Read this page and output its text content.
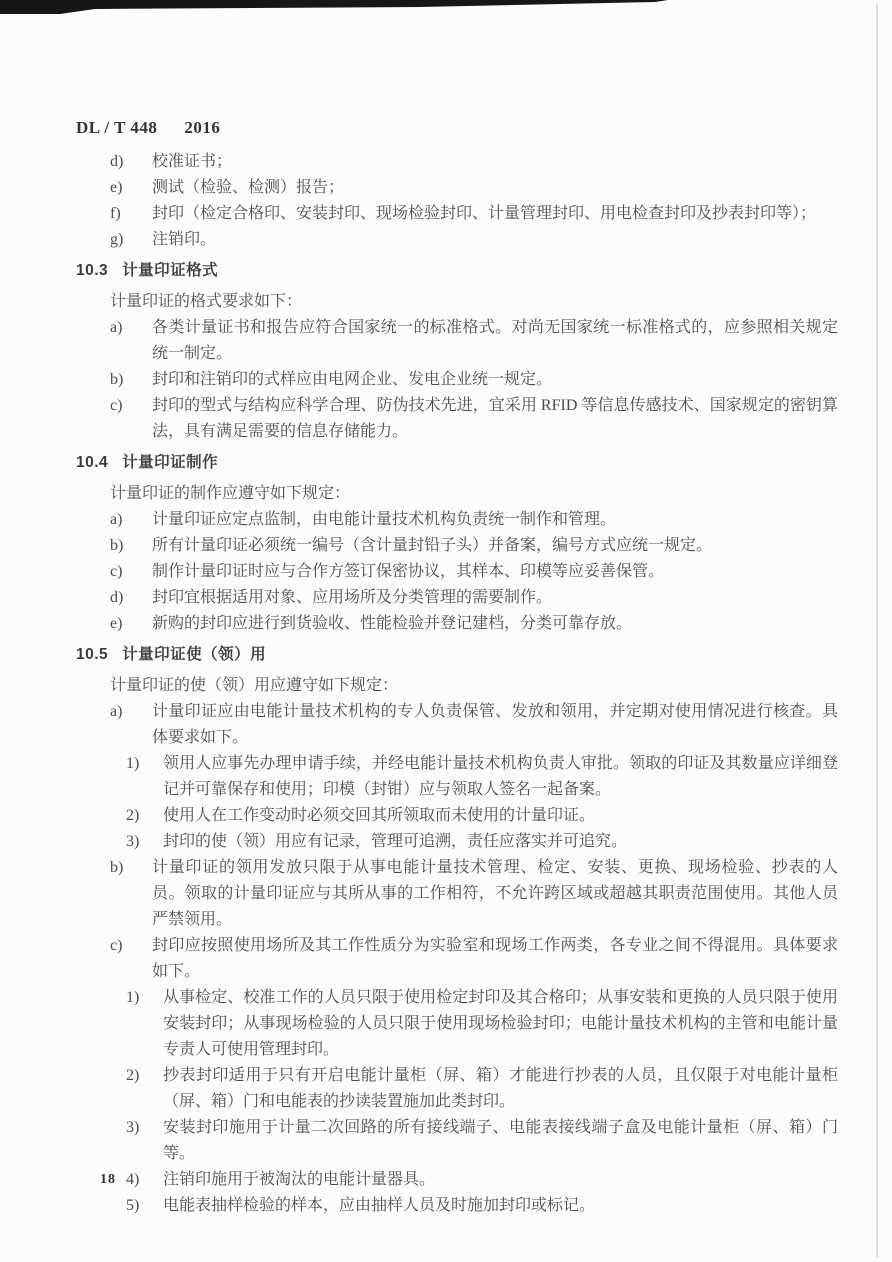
DL / T 448 2016
d)	校准证书；
e)	测试（检验、检测）报告；
f)	封印（检定合格印、安装封印、现场检验封印、计量管理封印、用电检查封印及抄表封印等）；
g)	注销印。
10.3 计量印证格式
计量印证的格式要求如下：
a)	各类计量证书和报告应符合国家统一的标准格式。对尚无国家统一标准格式的，应参照相关规定统一制定。
b)	封印和注销印的式样应由电网企业、发电企业统一规定。
c)	封印的型式与结构应科学合理、防伪技术先进，宜采用 RFID 等信息传感技术、国家规定的密钥算法，具有满足需要的信息存储能力。
10.4 计量印证制作
计量印证的制作应遵守如下规定：
a)	计量印证应定点监制，由电能计量技术机构负责统一制作和管理。
b)	所有计量印证必须统一编号（含计量封铅子头）并备案，编号方式应统一规定。
c)	制作计量印证时应与合作方签订保密协议，其样本、印模等应妥善保管。
d)	封印宜根据适用对象、应用场所及分类管理的需要制作。
e)	新购的封印应进行到货验收、性能检验并登记建档，分类可靠存放。
10.5 计量印证使（领）用
计量印证的使（领）用应遵守如下规定：
a)	计量印证应由电能计量技术机构的专人负责保管、发放和领用，并定期对使用情况进行核查。具体要求如下。
1)	领用人应事先办理申请手续，并经电能计量技术机构负责人审批。领取的印证及其数量应详细登记并可靠保存和使用；印模（封钳）应与领取人签名一起备案。
2)	使用人在工作变动时必须交回其所领取而未使用的计量印证。
3)	封印的使（领）用应有记录，管理可追溯，责任应落实并可追究。
b)	计量印证的领用发放只限于从事电能计量技术管理、检定、安装、更换、现场检验、抄表的人员。领取的计量印证应与其所从事的工作相符，不允许跨区域或超越其职责范围使用。其他人员严禁领用。
c)	封印应按照使用场所及其工作性质分为实验室和现场工作两类，各专业之间不得混用。具体要求如下。
1)	从事检定、校准工作的人员只限于使用检定封印及其合格印；从事安装和更换的人员只限于使用安装封印；从事现场检验的人员只限于使用现场检验封印；电能计量技术机构的主管和电能计量专责人可使用管理封印。
2)	抄表封印适用于只有开启电能计量柜（屏、箱）才能进行抄表的人员，且仅限于对电能计量柜（屏、箱）门和电能表的抄读装置施加此类封印。
3)	安装封印施用于计量二次回路的所有接线端子、电能表接线端子盒及电能计量柜（屏、箱）门等。
4)	注销印施用于被淘汰的电能计量器具。
5)	电能表抽样检验的样本，应由抽样人员及时施加封印或标记。
18
